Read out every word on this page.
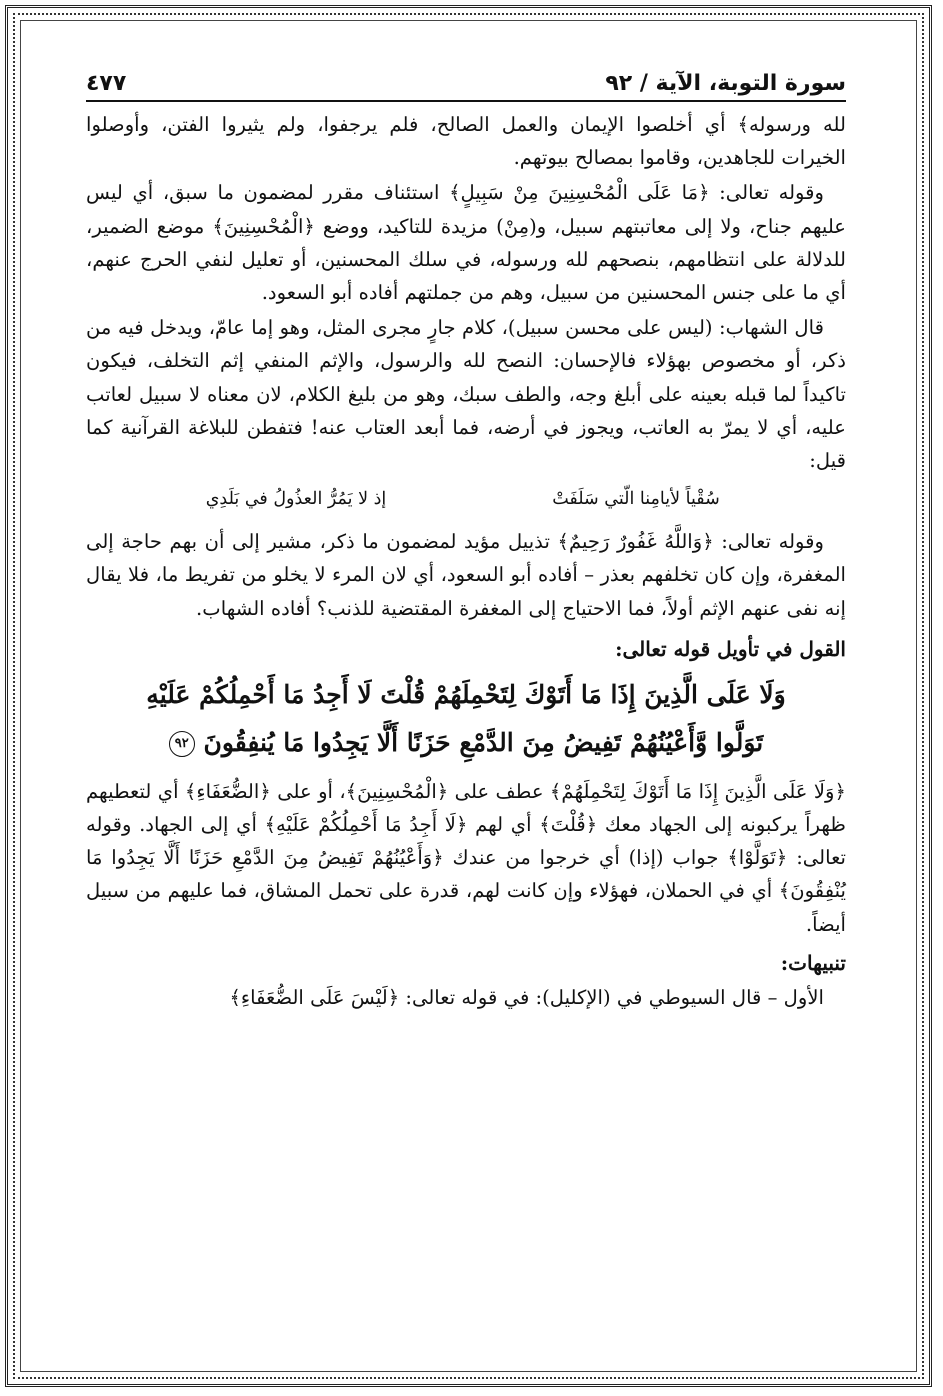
سورة التوبة، الآية / ٩٢
٤٧٧

لله ورسوله﴾ أي أخلصوا الإيمان والعمل الصالح، فلم يرجفوا، ولم يثيروا الفتن، وأوصلوا الخيرات للجاهدين، وقاموا بمصالح بيوتهم.

وقوله تعالى: ﴿مَا عَلَى الْمُحْسِنِينَ مِنْ سَبِيلٍ﴾ استئناف مقرر لمضمون ما سبق، أي ليس عليهم جناح، ولا إلى معاتبتهم سبيل، و(مِنْ) مزيدة للتاكيد، ووضع ﴿الْمُحْسِنِينَ﴾ موضع الضمير، للدلالة على انتظامهم، بنصحهم لله ورسوله، في سلك المحسنين، أو تعليل لنفي الحرج عنهم، أي ما على جنس المحسنين من سبيل، وهم من جملتهم أفاده أبو السعود.

قال الشهاب: (ليس على محسن سبيل)، كلام جارٍ مجرى المثل، وهو إما عامّ، ويدخل فيه من ذكر، أو مخصوص بهؤلاء فالإحسان: النصح لله والرسول، والإثم المنفي إثم التخلف، فيكون تاكيداً لما قبله بعينه على أبلغ وجه، والطف سبك، وهو من بليغ الكلام، لان معناه لا سبيل لعاتب عليه، أي لا يمرّ به العاتب، ويجوز في أرضه، فما أبعد العتاب عنه! فتفطن للبلاغة القرآنية كما قيل:

سُقْياً لأيامِنا الّتي سَلَفَتْ إذ لا يَمُرُّ العذُولُ في بَلَدِي

وقوله تعالى: ﴿وَاللَّهُ غَفُورٌ رَحِيمٌ﴾ تذييل مؤيد لمضمون ما ذكر، مشير إلى أن بهم حاجة إلى المغفرة، وإن كان تخلفهم بعذر – أفاده أبو السعود، أي لان المرء لا يخلو من تفريط ما، فلا يقال إنه نفى عنهم الإثم أولاً، فما الاحتياج إلى المغفرة المقتضية للذنب؟ أفاده الشهاب.

القول في تأويل قوله تعالى:
وَلَا عَلَى الَّذِينَ إِذَا مَا أَتَوْكَ لِتَحْمِلَهُمْ قُلْتَ لَا أَجِدُ مَا أَحْمِلُكُمْ عَلَيْهِ
تَوَلَّوا وَّأَعْيُنُهُمْ تَفِيضُ مِنَ الدَّمْعِ حَزَنًا أَلَّا يَجِدُوا مَا يُنفِقُونَ ٩٢

﴿وَلَا عَلَى الَّذِينَ إِذَا مَا أَتَوْكَ لِتَحْمِلَهُمْ﴾ عطف على ﴿الْمُحْسِنِينَ﴾، أو على ﴿الضُّعَفَاءِ﴾ أي لتعطيهم ظهراً يركبونه إلى الجهاد معك ﴿قُلْتَ﴾ أي لهم ﴿لَا أَجِدُ مَا أَحْمِلُكُمْ عَلَيْهِ﴾ أي إلى الجهاد. وقوله تعالى: ﴿تَوَلَّوْا﴾ جواب (إذا) أي خرجوا من عندك ﴿وَأَعْيُنُهُمْ تَفِيضُ مِنَ الدَّمْعِ حَزَنًا أَلَّا يَجِدُوا مَا يُنْفِقُونَ﴾ أي في الحملان، فهؤلاء وإن كانت لهم، قدرة على تحمل المشاق، فما عليهم من سبيل أيضاً.

تنبيهات:

الأول – قال السيوطي في (الإكليل): في قوله تعالى: ﴿لَيْسَ عَلَى الضُّعَفَاءِ﴾
